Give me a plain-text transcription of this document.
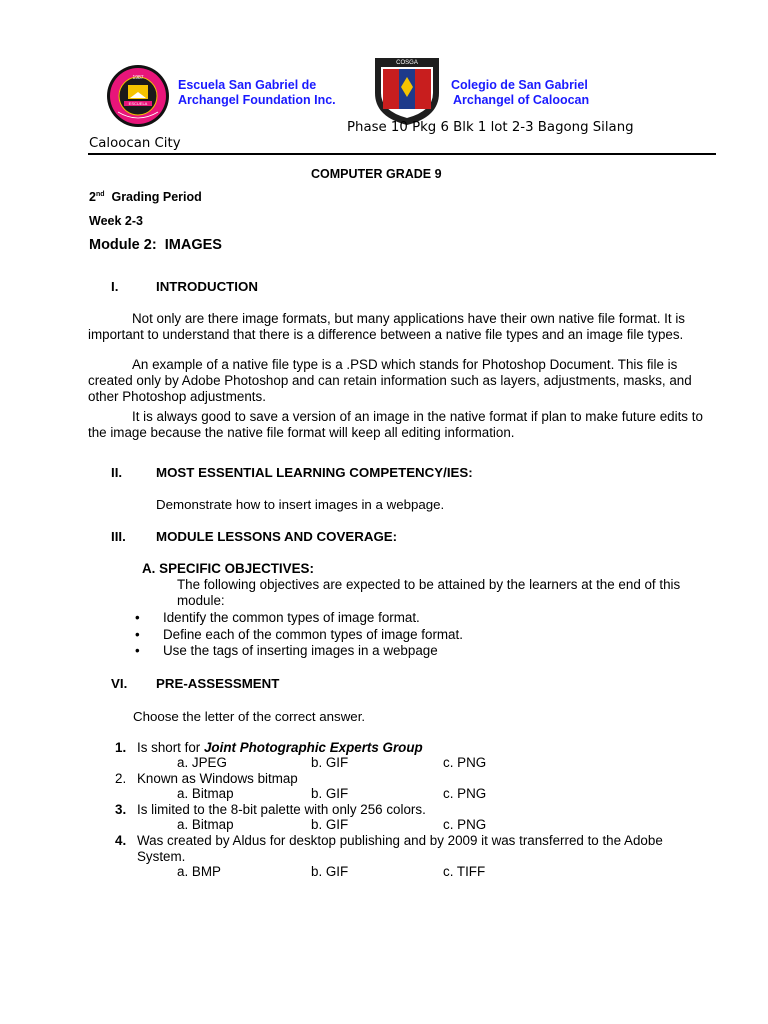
1987
ESCUELA
Escuela San Gabriel de
Archangel Foundation Inc.
COSGA
Colegio de San Gabriel
Archangel of Caloocan
Phase 10 Pkg 6 Blk 1 lot 2-3 Bagong Silang
Caloocan City
COMPUTER GRADE 9
2nd Grading Period
Week 2-3
Module 2: IMAGES
I.	INTRODUCTION

Not only are there image formats, but many applications have their own native file format. It is important to understand that there is a difference between a native file types and an image file types.

An example of a native file type is a .PSD which stands for Photoshop Document. This file is created only by Adobe Photoshop and can retain information such as layers, adjustments, masks, and other Photoshop adjustments.

It is always good to save a version of an image in the native format if plan to make future edits to the image because the native file format will keep all editing information.

II.	MOST ESSENTIAL LEARNING COMPETENCY/IES:
Demonstrate how to insert images in a webpage.
III. MODULE LESSONS AND COVERAGE:
A. SPECIFIC OBJECTIVES:

The following objectives are expected to be attained by the learners at the end of this module:

• Identify the common types of image format.
• Define each of the common types of image format.
• Use the tags of inserting images in a webpage
VI. PRE-ASSESSMENT
Choose the letter of the correct answer.
1. Is short for Joint Photographic Experts Group
a. JPEG	b. GIF	c. PNG
2. Known as Windows bitmap
a. Bitmap	b. GIF	c. PNG
3. Is limited to the 8-bit palette with only 256 colors.
a. Bitmap	b. GIF	c. PNG
4. Was created by Aldus for desktop publishing and by 2009 it was transferred to the Adobe System.
a. BMP	b. GIF	c. TIFF
